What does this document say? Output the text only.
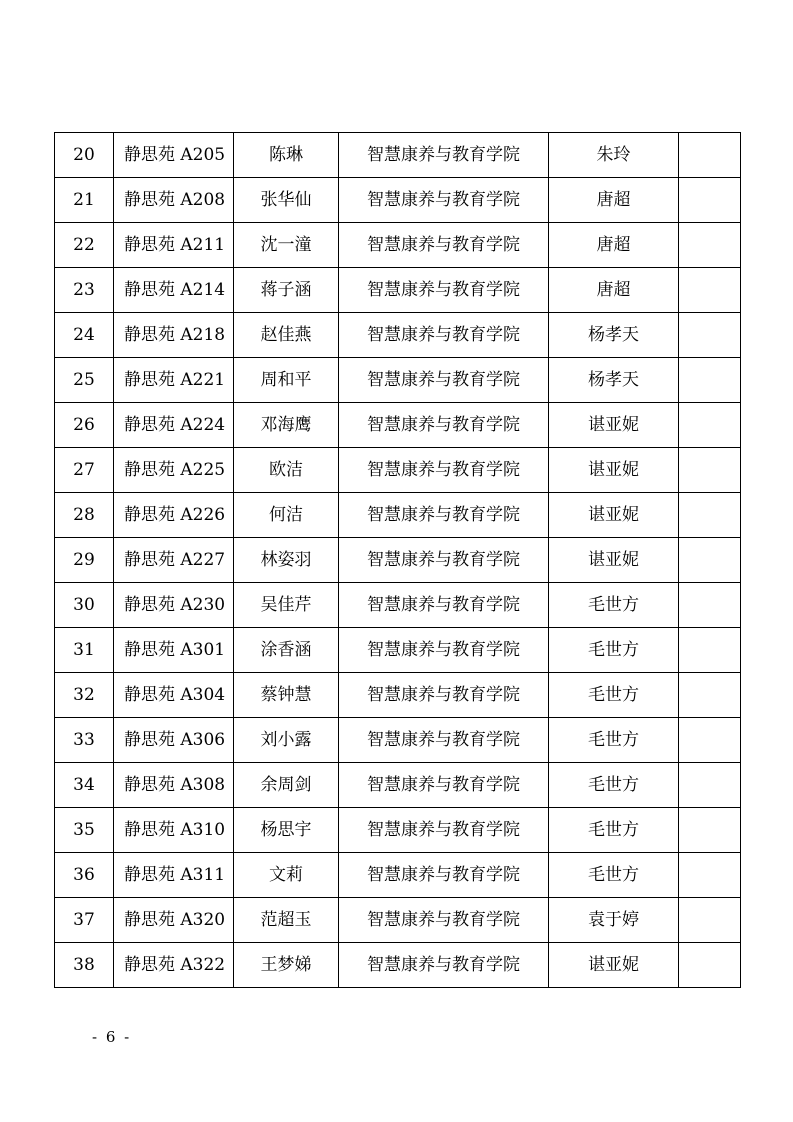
20	静思苑 A205	陈琳	智慧康养与教育学院	朱玲	
21	静思苑 A208	张华仙	智慧康养与教育学院	唐超	
22	静思苑 A211	沈一潼	智慧康养与教育学院	唐超	
23	静思苑 A214	蒋子涵	智慧康养与教育学院	唐超	
24	静思苑 A218	赵佳燕	智慧康养与教育学院	杨孝天	
25	静思苑 A221	周和平	智慧康养与教育学院	杨孝天	
26	静思苑 A224	邓海鹰	智慧康养与教育学院	谌亚妮	
27	静思苑 A225	欧洁	智慧康养与教育学院	谌亚妮	
28	静思苑 A226	何洁	智慧康养与教育学院	谌亚妮	
29	静思苑 A227	林姿羽	智慧康养与教育学院	谌亚妮	
30	静思苑 A230	吴佳芹	智慧康养与教育学院	毛世方	
31	静思苑 A301	涂香涵	智慧康养与教育学院	毛世方	
32	静思苑 A304	蔡钟慧	智慧康养与教育学院	毛世方	
33	静思苑 A306	刘小露	智慧康养与教育学院	毛世方	
34	静思苑 A308	余周剑	智慧康养与教育学院	毛世方	
35	静思苑 A310	杨思宇	智慧康养与教育学院	毛世方	
36	静思苑 A311	文莉	智慧康养与教育学院	毛世方	
37	静思苑 A320	范超玉	智慧康养与教育学院	袁于婷	
38	静思苑 A322	王梦娣	智慧康养与教育学院	谌亚妮	
- 6 -
